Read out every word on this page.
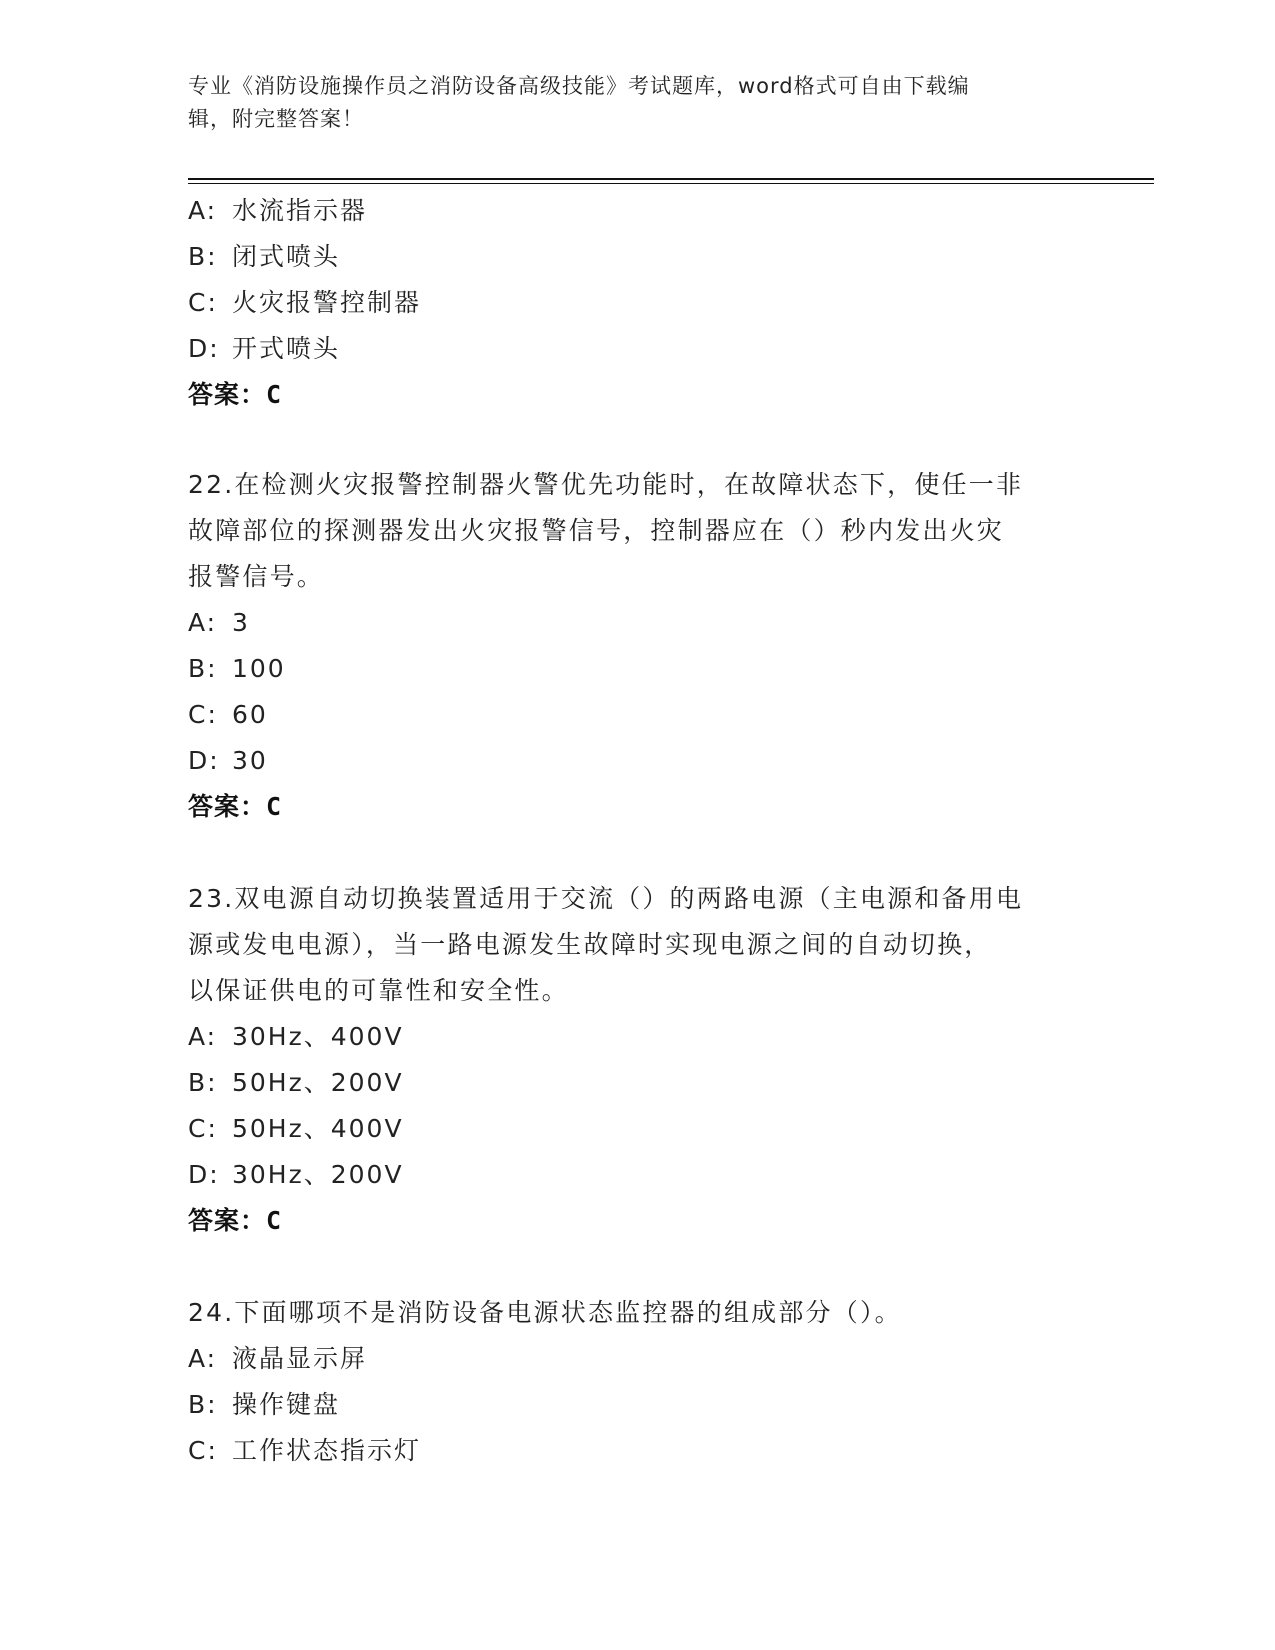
专业《消防设施操作员之消防设备高级技能》考试题库，word格式可自由下载编
辑，附完整答案！
A: 水流指示器
B: 闭式喷头
C: 火灾报警控制器
D: 开式喷头
答案：C
22.在检测火灾报警控制器火警优先功能时，在故障状态下，使任一非
故障部位的探测器发出火灾报警信号，控制器应在（）秒内发出火灾
报警信号。
A: 3
B: 100
C: 60
D: 30
答案：C
23.双电源自动切换装置适用于交流（）的两路电源（主电源和备用电
源或发电电源），当一路电源发生故障时实现电源之间的自动切换，
以保证供电的可靠性和安全性。
A: 30Hz、400V
B: 50Hz、200V
C: 50Hz、400V
D: 30Hz、200V
答案：C
24.下面哪项不是消防设备电源状态监控器的组成部分（）。
A: 液晶显示屏
B: 操作键盘
C: 工作状态指示灯
